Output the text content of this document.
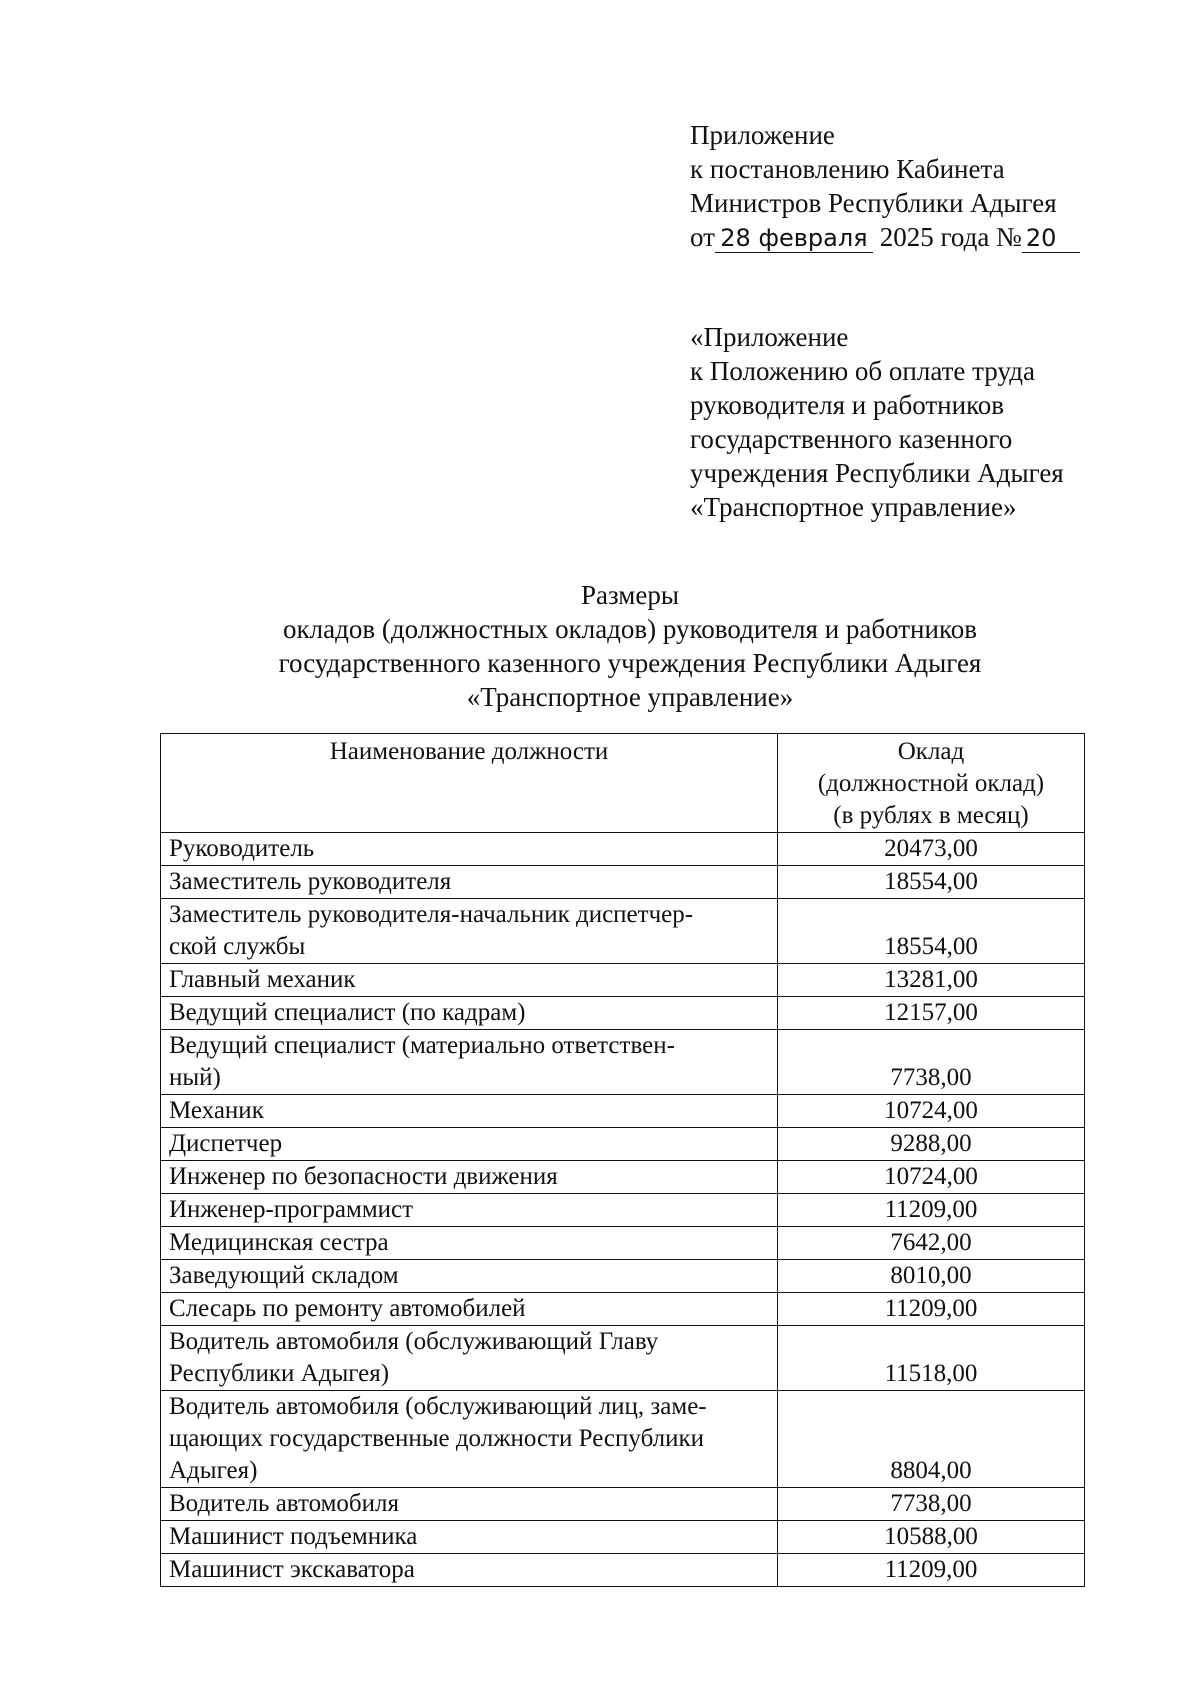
Приложение
к постановлению Кабинета
Министров Республики Адыгея
от 28 февраля 2025 года № 20
«Приложение
к Положению об оплате труда
руководителя и работников
государственного казенного
учреждения Республики Адыгея
«Транспортное управление»
Размеры
окладов (должностных окладов) руководителя и работников
государственного казенного учреждения Республики Адыгея
«Транспортное управление»
Наименование должности	Оклад
(должностной оклад)
(в рублях в месяц)

Руководитель	20473,00

Заместитель руководителя	18554,00

Заместитель руководителя-начальник диспетчер-
ской службы	18554,00

Главный механик	13281,00

Ведущий специалист (по кадрам)	12157,00

Ведущий специалист (материально ответствен-
ный)	7738,00

Механик	10724,00

Диспетчер	9288,00

Инженер по безопасности движения	10724,00

Инженер-программист	11209,00

Медицинская сестра	7642,00

Заведующий складом	8010,00

Слесарь по ремонту автомобилей	11209,00

Водитель автомобиля (обслуживающий Главу
Республики Адыгея)	11518,00

Водитель автомобиля (обслуживающий лиц, заме-
щающих государственные должности Республики
Адыгея)	8804,00

Водитель автомобиля	7738,00

Машинист подъемника	10588,00

Машинист экскаватора	11209,00
